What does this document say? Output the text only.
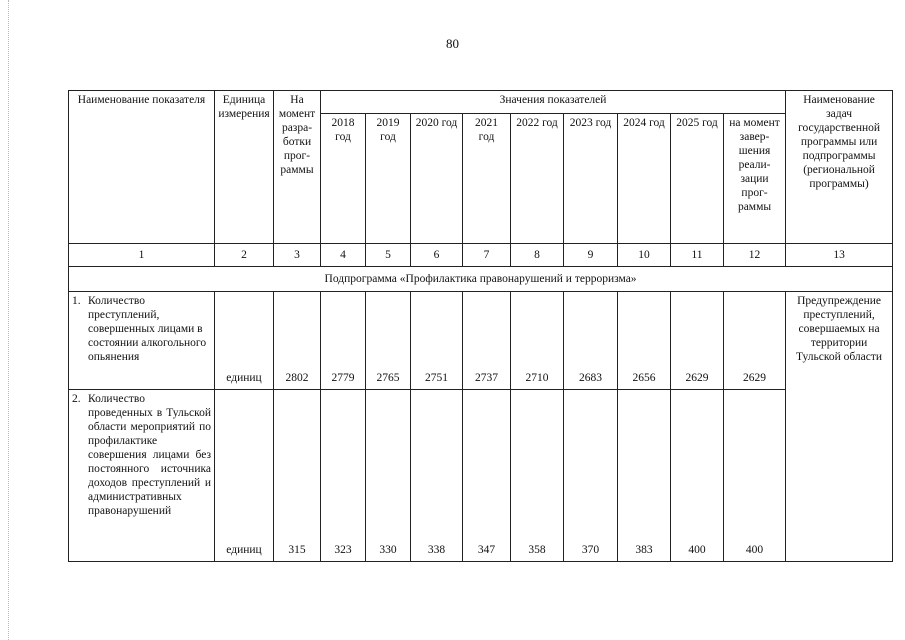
80
Наименование показателя	Единица измерения	На момент разра-ботки прог-раммы	Значения показателей									Наименование задач государственной программы или подпрограммы (региональной программы)
			2018 год	2019 год	2020 год	2021 год	2022 год	2023 год	2024 год	2025 год	на момент завер-шения реали-зации прог-раммы	
1	2	3	4	5	6	7	8	9	10	11	12	13
Подпрограмма «Профилактика правонарушений и терроризма»												

1. Количество преступлений, совершенных лицами в состоянии алкогольного опьянения	единиц	2802	2779	2765	2751	2737	2710	2683	2656	2629	2629	Предупреждение преступлений, совершаемых на территории Тульской области

2. Количество проведенных в Тульской области мероприятий по профилактике совершения лицами без постоянного источника доходов преступлений и административных правонарушений	единиц	315	323	330	338	347	358	370	383	400	400	
